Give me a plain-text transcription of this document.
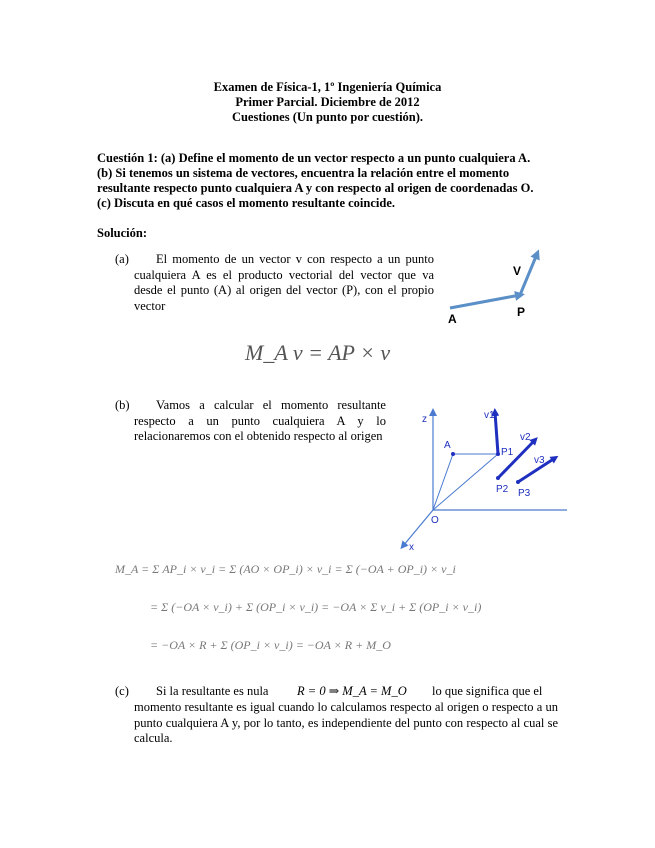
Examen de Física-1, 1º Ingeniería Química
Primer Parcial. Diciembre de 2012
Cuestiones (Un punto por cuestión).
Cuestión 1: (a) Define el momento de un vector respecto a un punto cualquiera A.
(b) Si tenemos un sistema de vectores, encuentra la relación entre el momento
resultante respecto punto cualquiera A y con respecto al origen de coordenadas O.
(c) Discuta en qué casos el momento resultante coincide.
Solución:
(a)	El momento de un vector v con respecto a un punto cualquiera A es el producto vectorial del vector que va desde el punto (A) al origen del vector (P), con el propio vector
V
A	P
M_A v = AP × v
(b)	Vamos a calcular el momento resultante respecto a un punto cualquiera A y lo relacionaremos con el obtenido respecto al origen
z
x
O
A
v1
v2
v3
P1
P2 P3
M_A = Σ AP_i × v_i = Σ (AO × OP_i) × v_i = Σ (−OA + OP_i) × v_i
= Σ (−OA × v_i) + Σ (OP_i × v_i) = −OA × Σ v_i + Σ (OP_i × v_i)
= −OA × R + Σ (OP_i × v_i) = −OA × R + M_O
(c) Si la resultante es nula R = 0 ⇒ M_A = M_O lo que significa que el
momento resultante es igual cuando lo calculamos respecto al origen o respecto a un punto cualquiera A y, por lo tanto, es independiente del punto con respecto al cual se calcula.
